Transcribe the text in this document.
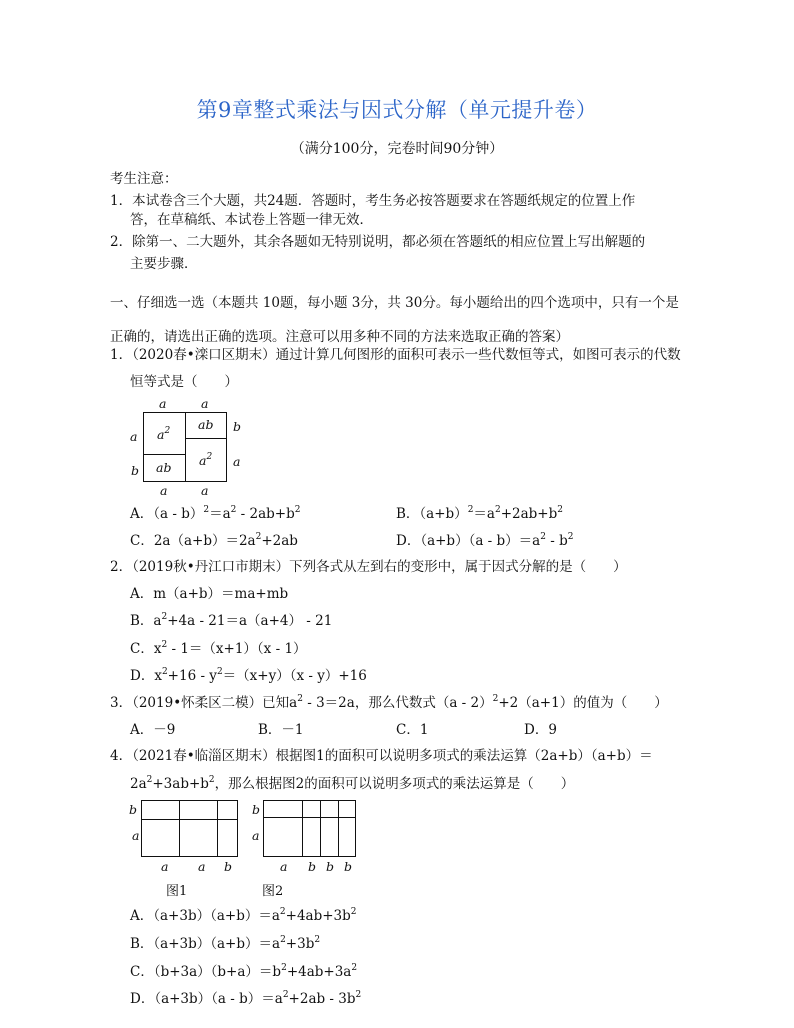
第9章整式乘法与因式分解（单元提升卷）
（满分100分，完卷时间90分钟）
考生注意：
1．本试卷含三个大题，共24题．答题时，考生务必按答题要求在答题纸规定的位置上作
答，在草稿纸、本试卷上答题一律无效．
2．除第一、二大题外，其余各题如无特别说明，都必须在答题纸的相应位置上写出解题的
主要步骤．
一、仔细选一选（本题共 10题，每小题 3分，共 30分。每小题给出的四个选项中，只有一个是
正确的，请选出正确的选项。注意可以用多种不同的方法来选取正确的答案）
1．（2020春•滦口区期末）通过计算几何图形的面积可表示一些代数恒等式，如图可表示的代数
恒等式是（　　）
a	a
$a^2$ ab
ab $a^2$
a
b
b
a
a	a
A．$(a - b)^2=a^2 - 2ab+b^2$	B．$(a+b)^2=a^2+2ab+b^2$
C．$2a(a+b)=2a^2+2ab$	D．$(a+b)(a - b)=a^2 - b^2$
2．（2019秋•丹江口市期末）下列各式从左到右的变形中，属于因式分解的是（　　）
A．m（a+b）＝ma+mb
B．$a^2+4a - 21=a(a+4) - 21$
C．$x^2 - 1=(x+1)(x - 1)$
D．$x^2+16 - y^2=(x+y)(x - y)+16$
3．（2019•怀柔区二模）已知$a^2 - 3=2a$，那么代数式（a - 2）$^2$+2（a+1）的值为（　　）
A．－9	B．－1	C．1	D．9
4．（2021春•临淄区期末）根据图1的面积可以说明多项式的乘法运算（2a+b）（a+b）＝
$2a^2+3ab+b^2$，那么根据图2的面积可以说明多项式的乘法运算是（　　）
b
a
a a b
图1
b
a
a b b b
图2
A．$(a+3b)(a+b)=a^2+4ab+3b^2$
B．$(a+3b)(a+b)=a^2+3b^2$
C．$(b+3a)(b+a)=b^2+4ab+3a^2$
D．$(a+3b)(a - b)=a^2+2ab - 3b^2$
